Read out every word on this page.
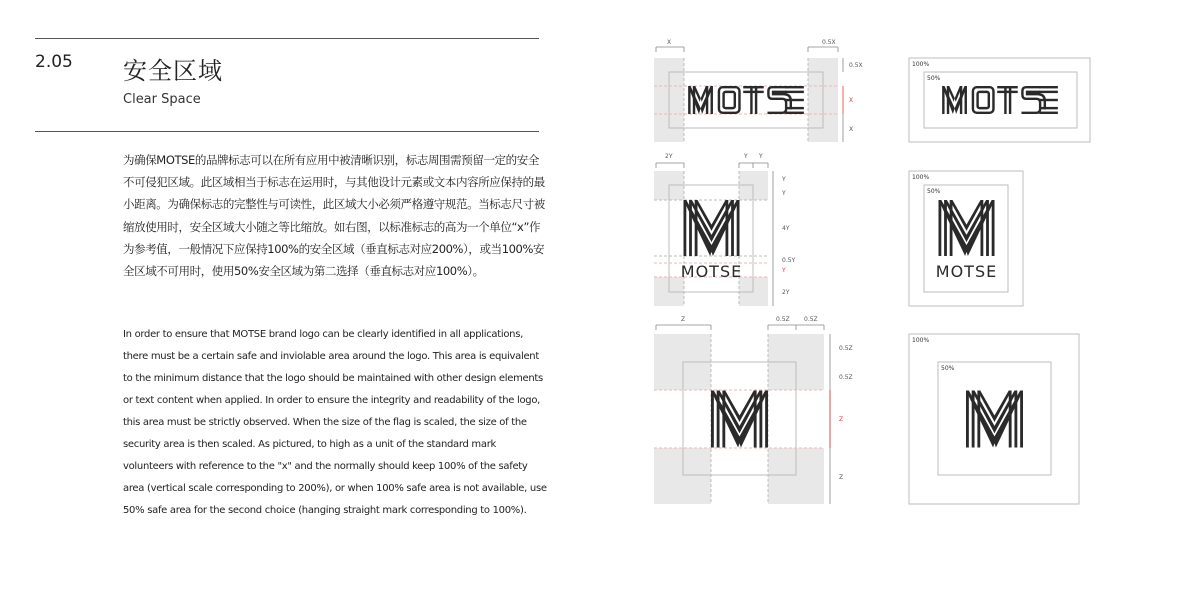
2.05 安全区域
Clear Space

为确保MOTSE的品牌标志可以在所有应用中被清晰识别，标志周围需预留一定的安全不可侵犯区域。此区域相当于标志在运用时，与其他设计元素或文本内容所应保持的最小距离。为确保标志的完整性与可读性，此区域大小必须严格遵守规范。当标志尺寸被缩放使用时，安全区域大小随之等比缩放。如右图，以标准标志的高为一个单位“x”作为参考值，一般情况下应保持100%的安全区域（垂直标志对应200%），或当100%安全区域不可用时，使用50%安全区域为第二选择（垂直标志对应100%）。

In order to ensure that MOTSE brand logo can be clearly identified in all applications, there must be a certain safe and inviolable area around the logo. This area is equivalent to the minimum distance that the logo should be maintained with other design elements or text content when applied. In order to ensure the integrity and readability of the logo, this area must be strictly observed. When the size of the flag is scaled, the size of the security area is then scaled. As pictured, to high as a unit of the standard mark volunteers with reference to the "x" and the normally should keep 100% of the safety area (vertical scale corresponding to 200%), or when 100% safe area is not available, use 50% safe area for the second choice (hanging straight mark corresponding to 100%).

X	0.5X
0.5X
X
X
100%
50%
MOTSE
2Y	Y Y
Y
Y
4Y
0.5Y
Y
2Y
100%
50%
MOTSE
Z	0.5Z 0.5Z
0.5Z
0.5Z
Z
Z
100%
50%
